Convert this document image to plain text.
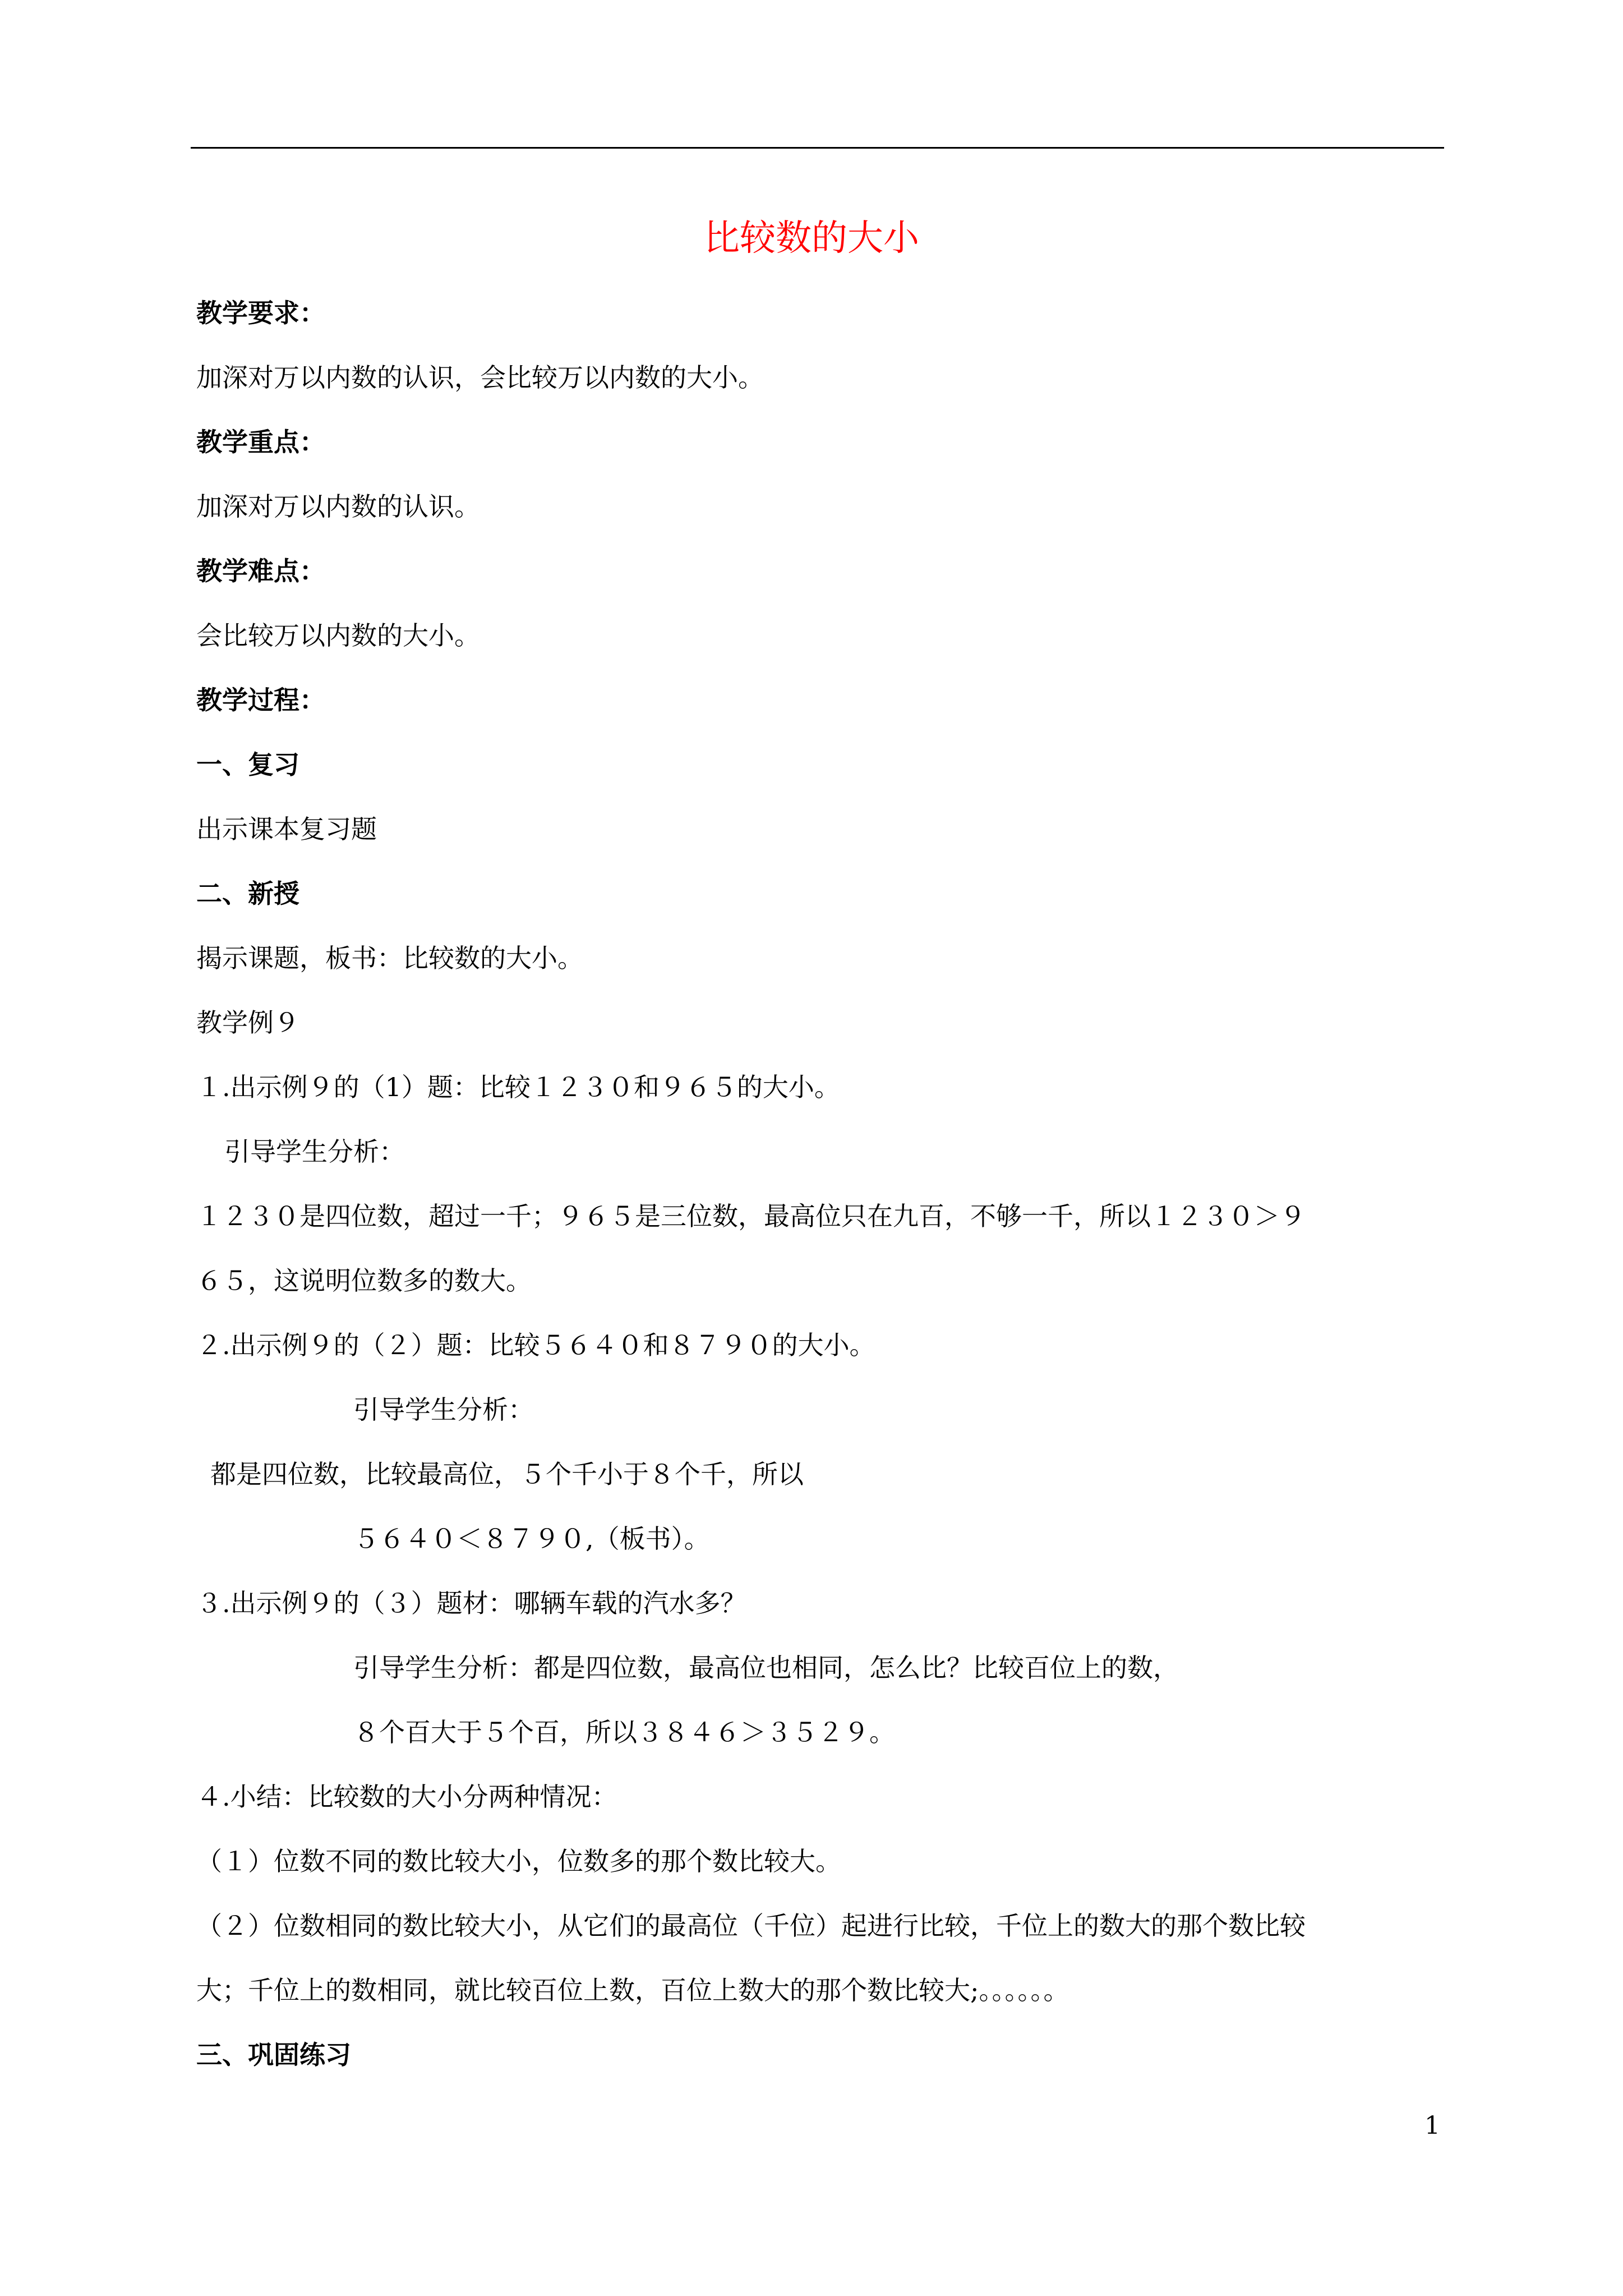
比较数的大小
教学要求：
加深对万以内数的认识，会比较万以内数的大小。
教学重点：
加深对万以内数的认识。
教学难点：
会比较万以内数的大小。
教学过程：
一、复习
出示课本复习题
二、新授
揭示课题，板书：比较数的大小。
教学例９
１.出示例９的（1）题：比较１２３０和９６５的大小。
引导学生分析：
１２３０是四位数，超过一千；９６５是三位数，最高位只在九百，不够一千，所以１２３０＞９
６５，这说明位数多的数大。
２.出示例９的（２）题：比较５６４０和８７９０的大小。
引导学生分析：
都是四位数，比较最高位，５个千小于８个千，所以
５６４０＜８７９０,（板书）。
３.出示例９的（３）题材：哪辆车载的汽水多？
引导学生分析：都是四位数，最高位也相同，怎么比？比较百位上的数，
８个百大于５个百，所以３８４６＞３５２９。
４.小结：比较数的大小分两种情况：
（１）位数不同的数比较大小，位数多的那个数比较大。
（２）位数相同的数比较大小，从它们的最高位（千位）起进行比较，千位上的数大的那个数比较
大；千位上的数相同，就比较百位上数，百位上数大的那个数比较大;。。。。。。
三、巩固练习
1
